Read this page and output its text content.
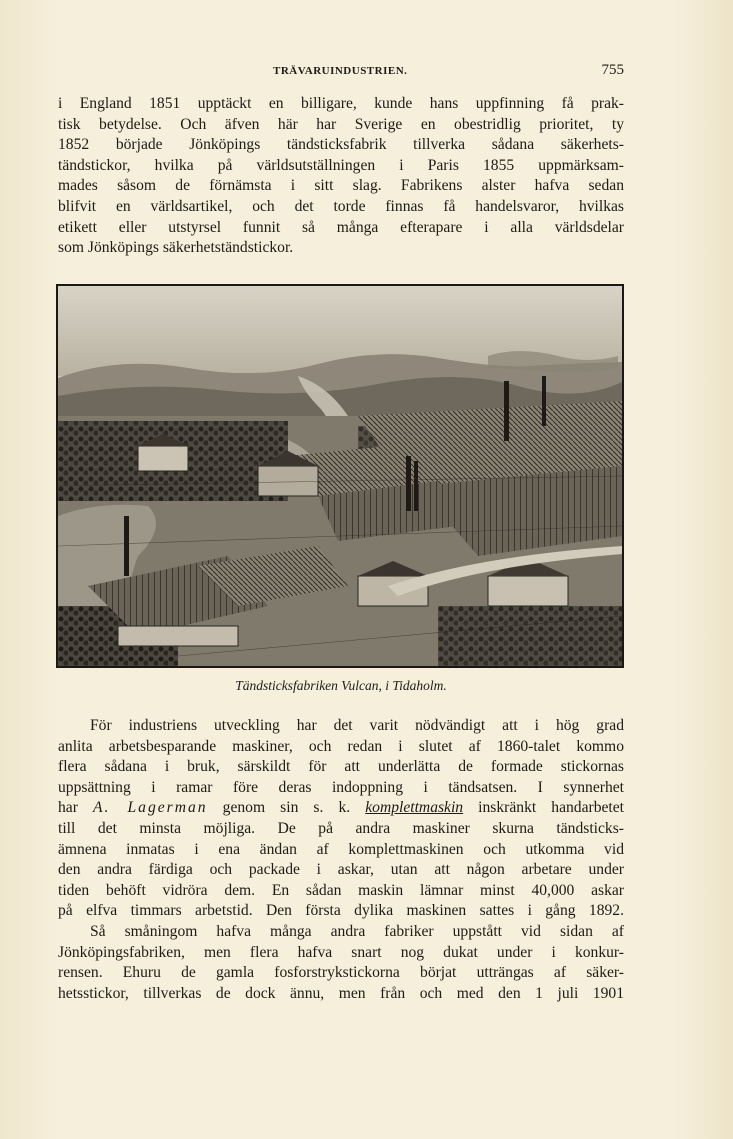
TRÄVARUINDUSTRIEN.	755
i England 1851 upptäckt en billigare, kunde hans uppfinning få prak-
tisk betydelse. Och äfven här har Sverige en obestridlig prioritet, ty
1852 började Jönköpings tändsticksfabrik tillverka sådana säkerhets-
tändstickor, hvilka på världsutställningen i Paris 1855 uppmärksam-
mades såsom de förnämsta i sitt slag. Fabrikens alster hafva sedan
blifvit en världsartikel, och det torde finnas få handelsvaror, hvilkas
etikett eller utstyrsel funnit så många efterapare i alla världsdelar
som Jönköpings säkerhetständstickor.
Tändsticksfabriken Vulcan, i Tidaholm.
För industriens utveckling har det varit nödvändigt att i hög grad
anlita arbetsbesparande maskiner, och redan i slutet af 1860-talet kommo
flera sådana i bruk, särskildt för att underlätta de formade stickornas
uppsättning i ramar före deras indoppning i tändsatsen. I synnerhet
har A. Lagerman genom sin s. k. komplettmaskin inskränkt handarbetet
till det minsta möjliga. De på andra maskiner skurna tändsticks-
ämnena inmatas i ena ändan af komplettmaskinen och utkomma vid
den andra färdiga och packade i askar, utan att någon arbetare under
tiden behöft vidröra dem. En sådan maskin lämnar minst 40,000 askar
på elfva timmars arbetstid. Den första dylika maskinen sattes i gång 1892.
Så småningom hafva många andra fabriker uppstått vid sidan af
Jönköpingsfabriken, men flera hafva snart nog dukat under i konkur-
rensen. Ehuru de gamla fosforstrykstickorna börjat utträngas af säker-
hetsstickor, tillverkas de dock ännu, men från och med den 1 juli 1901
